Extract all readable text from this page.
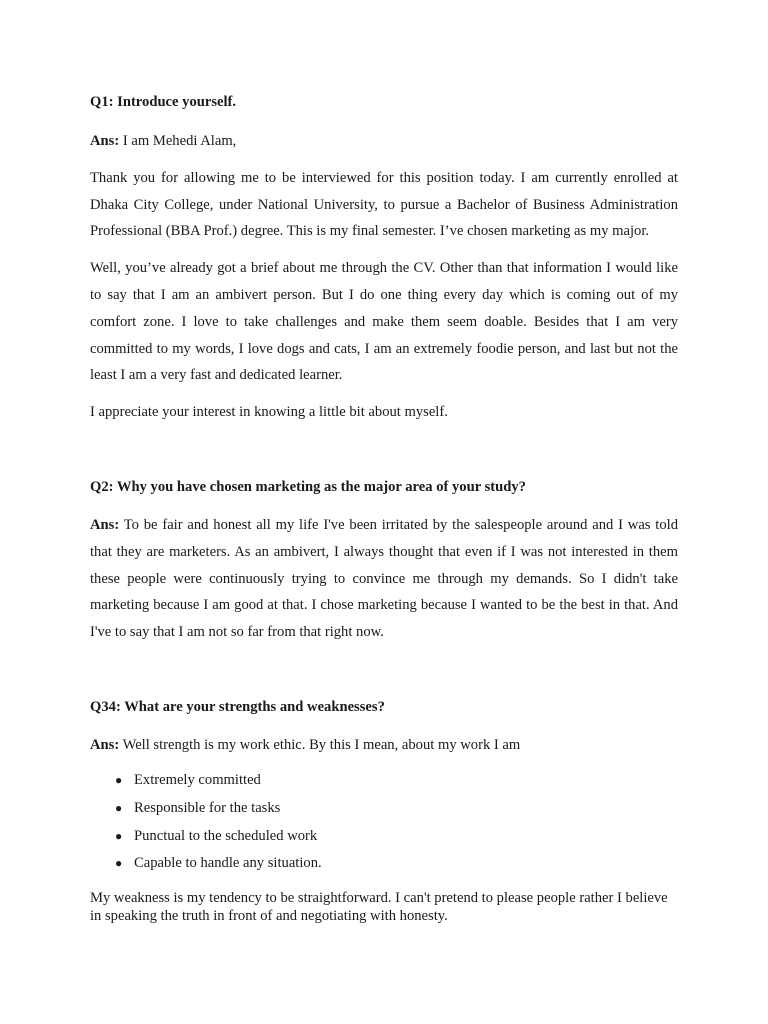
Q1: Introduce yourself.

Ans: I am Mehedi Alam,

Thank you for allowing me to be interviewed for this position today. I am currently enrolled at Dhaka City College, under National University, to pursue a Bachelor of Business Administration Professional (BBA Prof.) degree. This is my final semester. I’ve chosen marketing as my major.

Well, you’ve already got a brief about me through the CV. Other than that information I would like to say that I am an ambivert person. But I do one thing every day which is coming out of my comfort zone. I love to take challenges and make them seem doable. Besides that I am very committed to my words, I love dogs and cats, I am an extremely foodie person, and last but not the least I am a very fast and dedicated learner.

I appreciate your interest in knowing a little bit about myself.

Q2: Why you have chosen marketing as the major area of your study?

Ans: To be fair and honest all my life I've been irritated by the salespeople around and I was told that they are marketers. As an ambivert, I always thought that even if I was not interested in them these people were continuously trying to convince me through my demands. So I didn't take marketing because I am good at that. I chose marketing because I wanted to be the best in that. And I've to say that I am not so far from that right now.

Q34: What are your strengths and weaknesses?

Ans: Well strength is my work ethic. By this I mean, about my work I am

● Extremely committed
● Responsible for the tasks
● Punctual to the scheduled work
● Capable to handle any situation.

My weakness is my tendency to be straightforward. I can't pretend to please people rather I believe in speaking the truth in front of and negotiating with honesty.
